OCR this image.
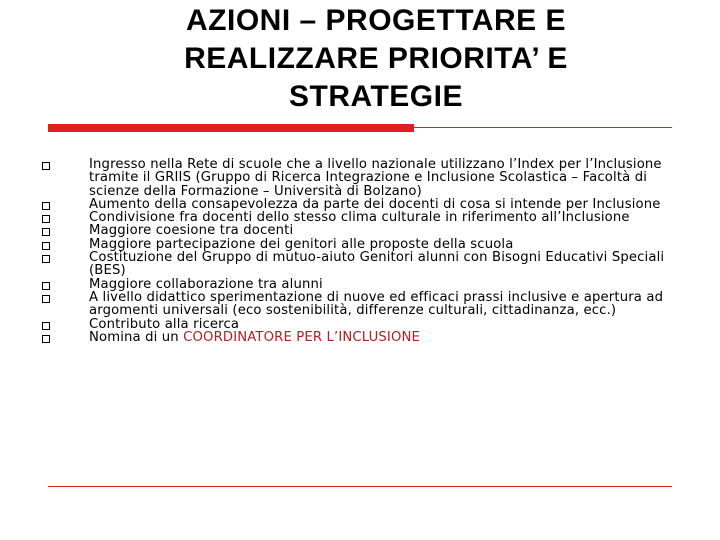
AZIONI – PROGETTARE E
REALIZZARE PRIORITA’ E
STRATEGIE
Ingresso nella Rete di scuole che a livello nazionale utilizzano l’Index per l’Inclusione tramite il GRIIS (Gruppo di Ricerca Integrazione e Inclusione Scolastica – Facoltà di scienze della Formazione – Università di Bolzano)
Aumento della consapevolezza da parte dei docenti di cosa si intende per Inclusione
Condivisione fra docenti dello stesso clima culturale in riferimento all’Inclusione
Maggiore coesione tra docenti
Maggiore partecipazione dei genitori alle proposte della scuola
Costituzione del Gruppo di mutuo-aiuto Genitori alunni con Bisogni Educativi Speciali (BES)
Maggiore collaborazione tra alunni
A livello didattico sperimentazione di nuove ed efficaci prassi inclusive e apertura ad argomenti universali (eco sostenibilità, differenze culturali, cittadinanza, ecc.)
Contributo alla ricerca
Nomina di un COORDINATORE PER L’INCLUSIONE
